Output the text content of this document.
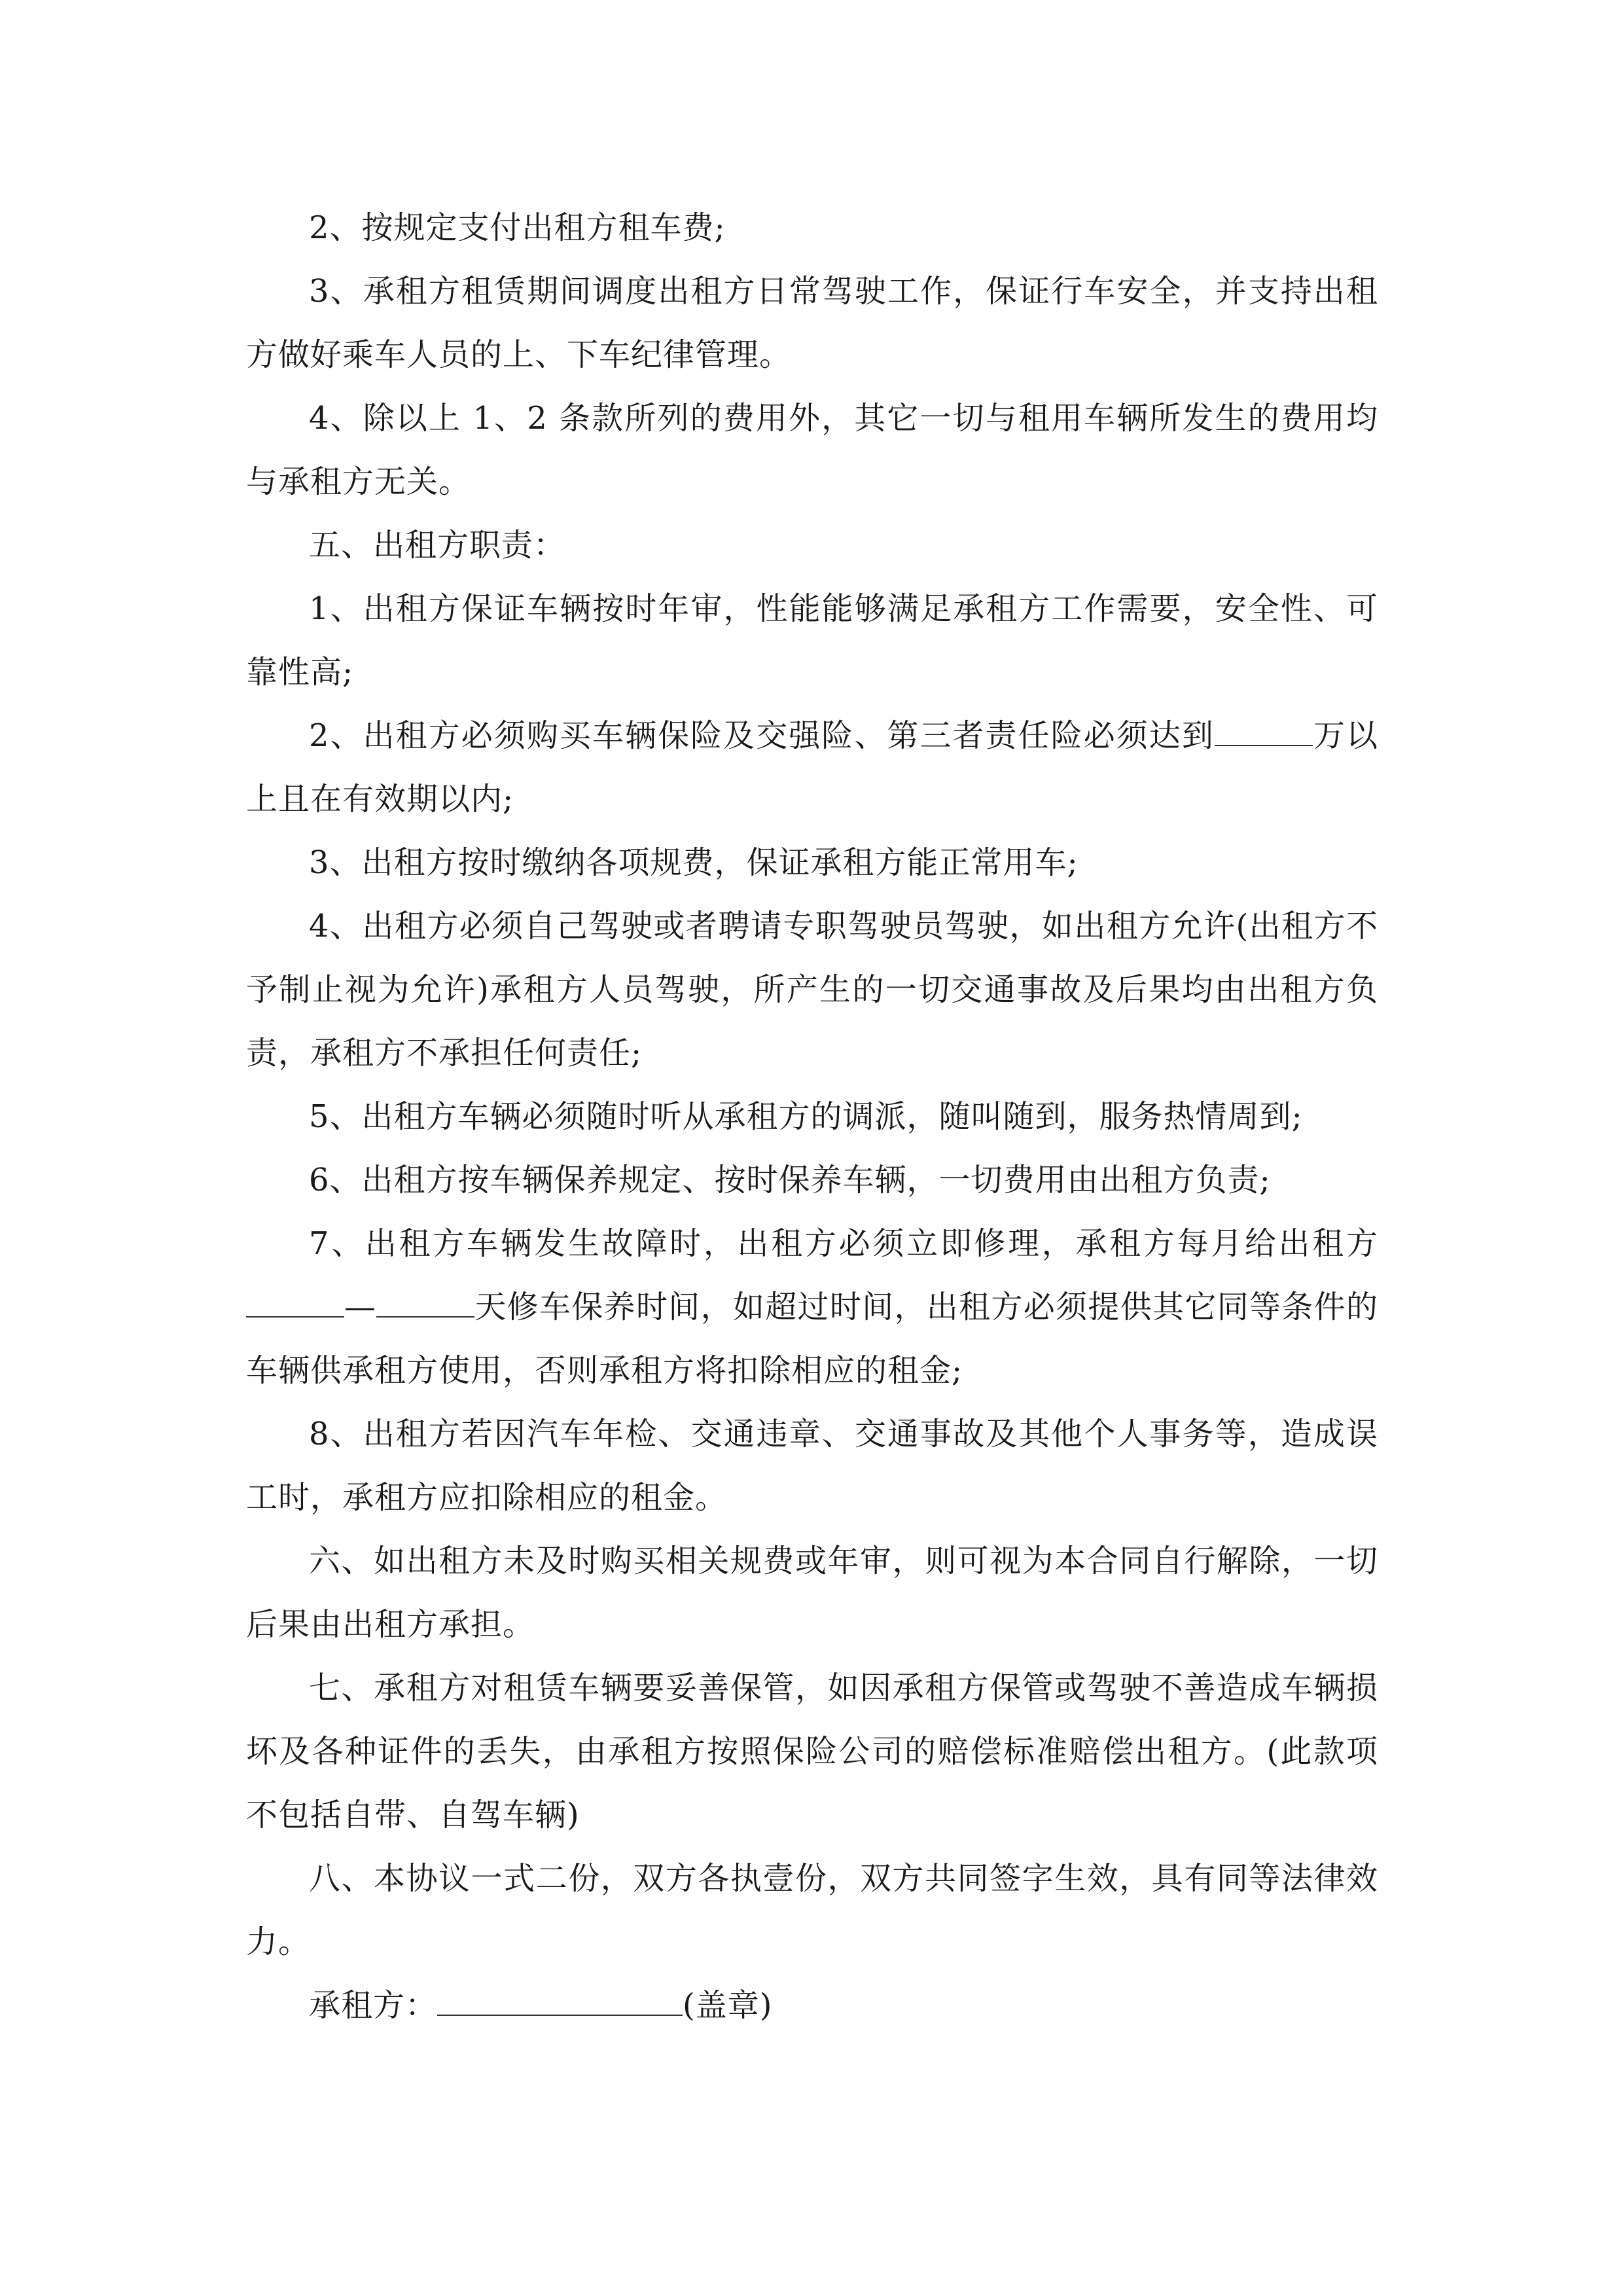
2、按规定支付出租方租车费;

3、承租方租赁期间调度出租方日常驾驶工作，保证行车安全，并支持出租方做好乘车人员的上、下车纪律管理。

4、除以上 1、2 条款所列的费用外，其它一切与租用车辆所发生的费用均与承租方无关。

五、出租方职责：

1、出租方保证车辆按时年审，性能能够满足承租方工作需要，安全性、可靠性高;

2、出租方必须购买车辆保险及交强险、第三者责任险必须达到	万以上且在有效期以内;

3、出租方按时缴纳各项规费，保证承租方能正常用车;

4、出租方必须自己驾驶或者聘请专职驾驶员驾驶，如出租方允许(出租方不予制止视为允许)承租方人员驾驶，所产生的一切交通事故及后果均由出租方负责，承租方不承担任何责任;

5、出租方车辆必须随时听从承租方的调派，随叫随到，服务热情周到;

6、出租方按车辆保养规定、按时保养车辆，一切费用由出租方负责;

7、出租方车辆发生故障时，出租方必须立即修理，承租方每月给出租方—	天修车保养时间，如超过时间，出租方必须提供其它同等条件的车辆供承租方使用，否则承租方将扣除相应的租金;

8、出租方若因汽车年检、交通违章、交通事故及其他个人事务等，造成误工时，承租方应扣除相应的租金。

六、如出租方未及时购买相关规费或年审，则可视为本合同自行解除，一切后果由出租方承担。

七、承租方对租赁车辆要妥善保管，如因承租方保管或驾驶不善造成车辆损坏及各种证件的丢失，由承租方按照保险公司的赔偿标准赔偿出租方。(此款项不包括自带、自驾车辆)

八、本协议一式二份，双方各执壹份，双方共同签字生效，具有同等法律效力。

承租方：	(盖章)
